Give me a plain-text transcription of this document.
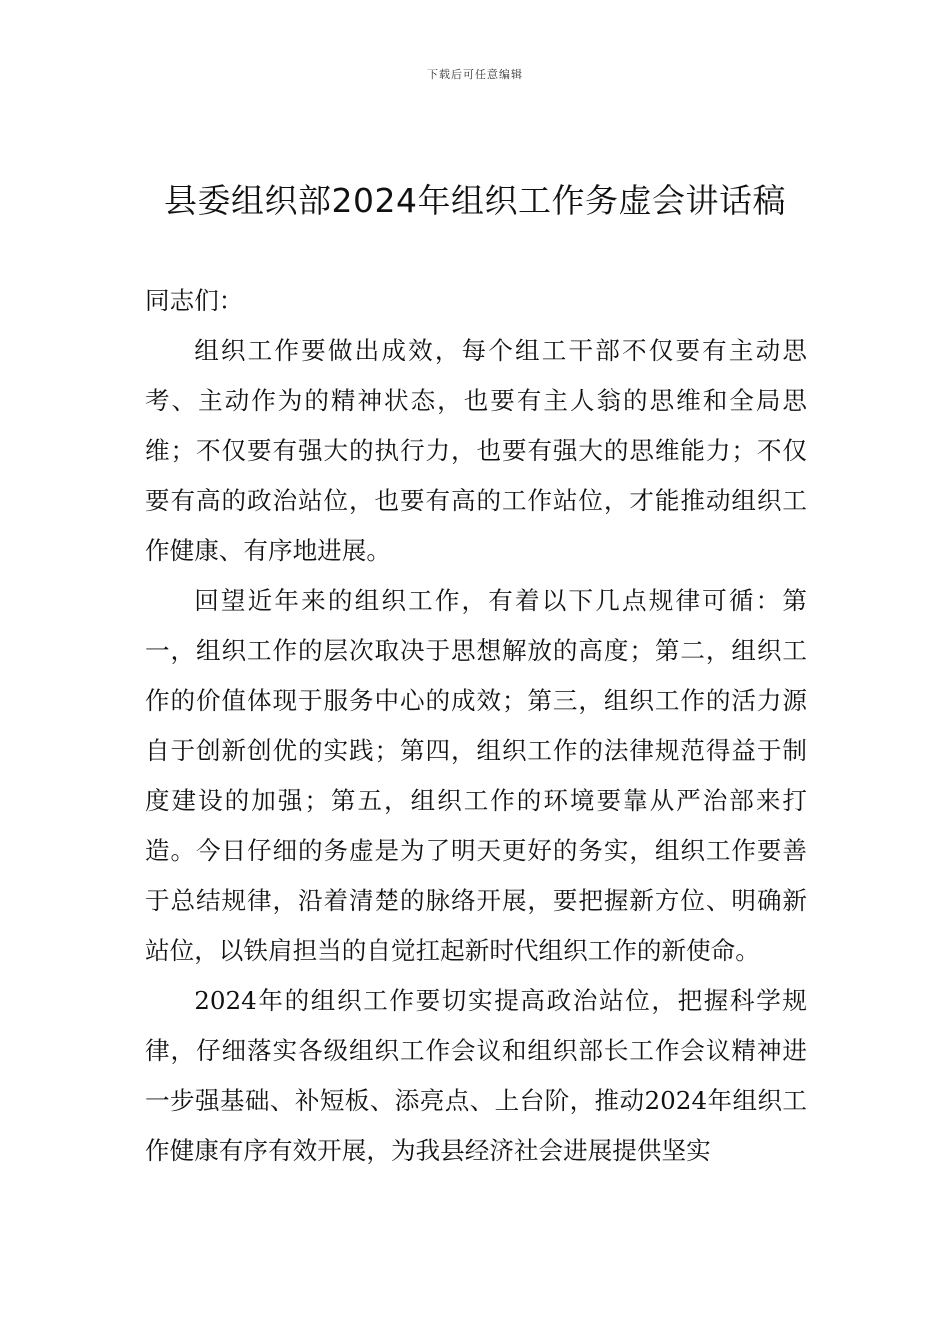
下载后可任意编辑
县委组织部2024年组织工作务虚会讲话稿

同志们：

组织工作要做出成效，每个组工干部不仅要有主动思考、主动作为的精神状态，也要有主人翁的思维和全局思维；不仅要有强大的执行力，也要有强大的思维能力；不仅要有高的政治站位，也要有高的工作站位，才能推动组织工作健康、有序地进展。

回望近年来的组织工作，有着以下几点规律可循：第一，组织工作的层次取决于思想解放的高度；第二，组织工作的价值体现于服务中心的成效；第三，组织工作的活力源自于创新创优的实践；第四，组织工作的法律规范得益于制度建设的加强；第五，组织工作的环境要靠从严治部来打造。今日仔细的务虚是为了明天更好的务实，组织工作要善于总结规律，沿着清楚的脉络开展，要把握新方位、明确新站位，以铁肩担当的自觉扛起新时代组织工作的新使命。

2024年的组织工作要切实提高政治站位，把握科学规律，仔细落实各级组织工作会议和组织部长工作会议精神进一步强基础、补短板、添亮点、上台阶，推动2024年组织工作健康有序有效开展，为我县经济社会进展提供坚实
